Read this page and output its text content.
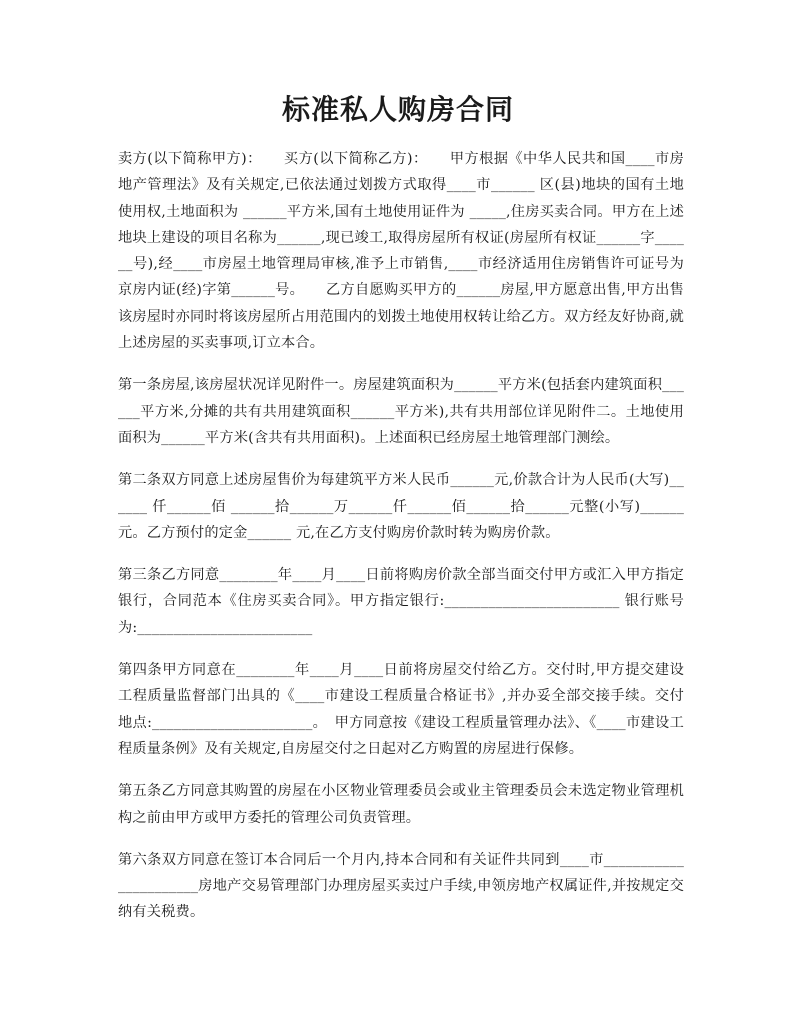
标准私人购房合同

卖方(以下简称甲方)：　　买方(以下简称乙方)：　　甲方根据《中华人民共和国____市房地产管理法》及有关规定,已依法通过划拨方式取得____市______ 区(县)地块的国有土地使用权,土地面积为 ______平方米,国有土地使用证件为 _____,住房买卖合同。甲方在上述地块上建设的项目名称为______,现已竣工,取得房屋所有权证(房屋所有权证______字______号),经____市房屋土地管理局审核,准予上市销售,____市经济适用住房销售许可证号为京房内证(经)字第______号。　　乙方自愿购买甲方的______房屋,甲方愿意出售,甲方出售该房屋时亦同时将该房屋所占用范围内的划拨土地使用权转让给乙方。双方经友好协商,就上述房屋的买卖事项,订立本合。

第一条房屋,该房屋状况详见附件一。房屋建筑面积为______平方米(包括套内建筑面积______平方米,分摊的共有共用建筑面积______平方米),共有共用部位详见附件二。土地使用面积为______平方米(含共有共用面积)。上述面积已经房屋土地管理部门测绘。

第二条双方同意上述房屋售价为每建筑平方米人民币______元,价款合计为人民币(大写)______ 仟______佰 ______拾______万______仟______佰______拾______元整(小写)______元。乙方预付的定金______ 元,在乙方支付购房价款时转为购房价款。

第三条乙方同意________年____月____日前将购房价款全部当面交付甲方或汇入甲方指定银行，合同范本《住房买卖合同》。甲方指定银行:________________________ 银行账号为:________________________

第四条甲方同意在________年____月____日前将房屋交付给乙方。交付时,甲方提交建设工程质量监督部门出具的《____市建设工程质量合格证书》,并办妥全部交接手续。交付地点:______________________。　甲方同意按《建设工程质量管理办法》、《____市建设工程质量条例》及有关规定,自房屋交付之日起对乙方购置的房屋进行保修。

第五条乙方同意其购置的房屋在小区物业管理委员会或业主管理委员会未选定物业管理机构之前由甲方或甲方委托的管理公司负责管理。

第六条双方同意在签订本合同后一个月内,持本合同和有关证件共同到____市______________________房地产交易管理部门办理房屋买卖过户手续,申领房地产权属证件,并按规定交纳有关税费。
